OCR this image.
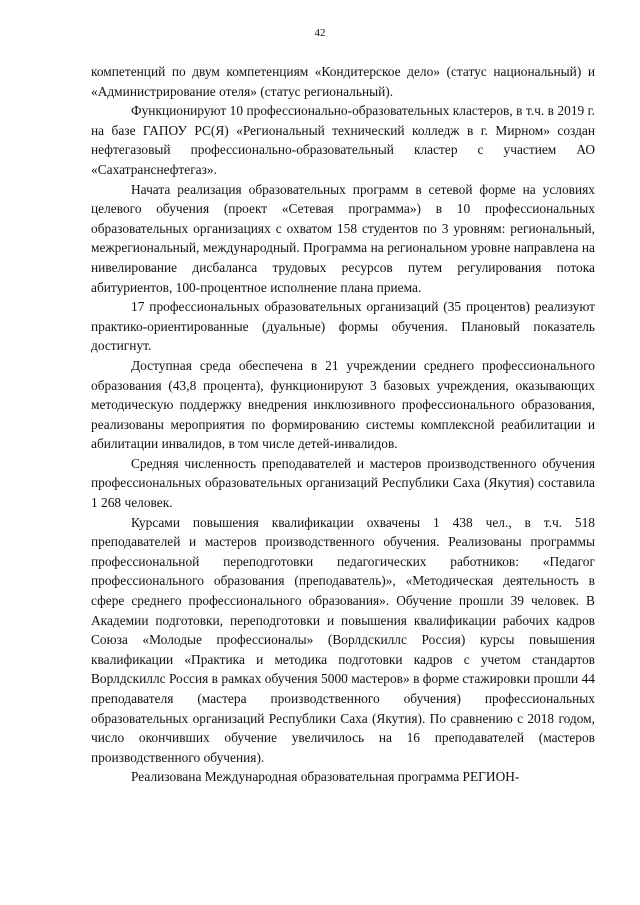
42

компетенций по двум компетенциям «Кондитерское дело» (статус национальный) и «Администрирование отеля» (статус региональный).

Функционируют 10 профессионально-образовательных кластеров, в т.ч. в 2019 г. на базе ГАПОУ РС(Я) «Региональный технический колледж в г. Мирном» создан нефтегазовый профессионально-образовательный кластер с участием АО «Сахатранснефтегаз».

Начата реализация образовательных программ в сетевой форме на условиях целевого обучения (проект «Сетевая программа») в 10 профессиональных образовательных организациях с охватом 158 студентов по 3 уровням: региональный, межрегиональный, международный. Программа на региональном уровне направлена на нивелирование дисбаланса трудовых ресурсов путем регулирования потока абитуриентов, 100-процентное исполнение плана приема.

17 профессиональных образовательных организаций (35 процентов) реализуют практико-ориентированные (дуальные) формы обучения. Плановый показатель достигнут.

Доступная среда обеспечена в 21 учреждении среднего профессионального образования (43,8 процента), функционируют 3 базовых учреждения, оказывающих методическую поддержку внедрения инклюзивного профессионального образования, реализованы мероприятия по формированию системы комплексной реабилитации и абилитации инвалидов, в том числе детей-инвалидов.

Средняя численность преподавателей и мастеров производственного обучения профессиональных образовательных организаций Республики Саха (Якутия) составила 1 268 человек.

Курсами повышения квалификации охвачены 1 438 чел., в т.ч. 518 преподавателей и мастеров производственного обучения. Реализованы программы профессиональной переподготовки педагогических работников: «Педагог профессионального образования (преподаватель)», «Методическая деятельность в сфере среднего профессионального образования». Обучение прошли 39 человек. В Академии подготовки, переподготовки и повышения квалификации рабочих кадров Союза «Молодые профессионалы» (Ворлдскиллс Россия) курсы повышения квалификации «Практика и методика подготовки кадров с учетом стандартов Ворлдскиллс Россия в рамках обучения 5000 мастеров» в форме стажировки прошли 44 преподавателя (мастера производственного обучения) профессиональных образовательных организаций Республики Саха (Якутия). По сравнению с 2018 годом, число окончивших обучение увеличилось на 16 преподавателей (мастеров производственного обучения).

Реализована Международная образовательная программа РЕГИОН-
